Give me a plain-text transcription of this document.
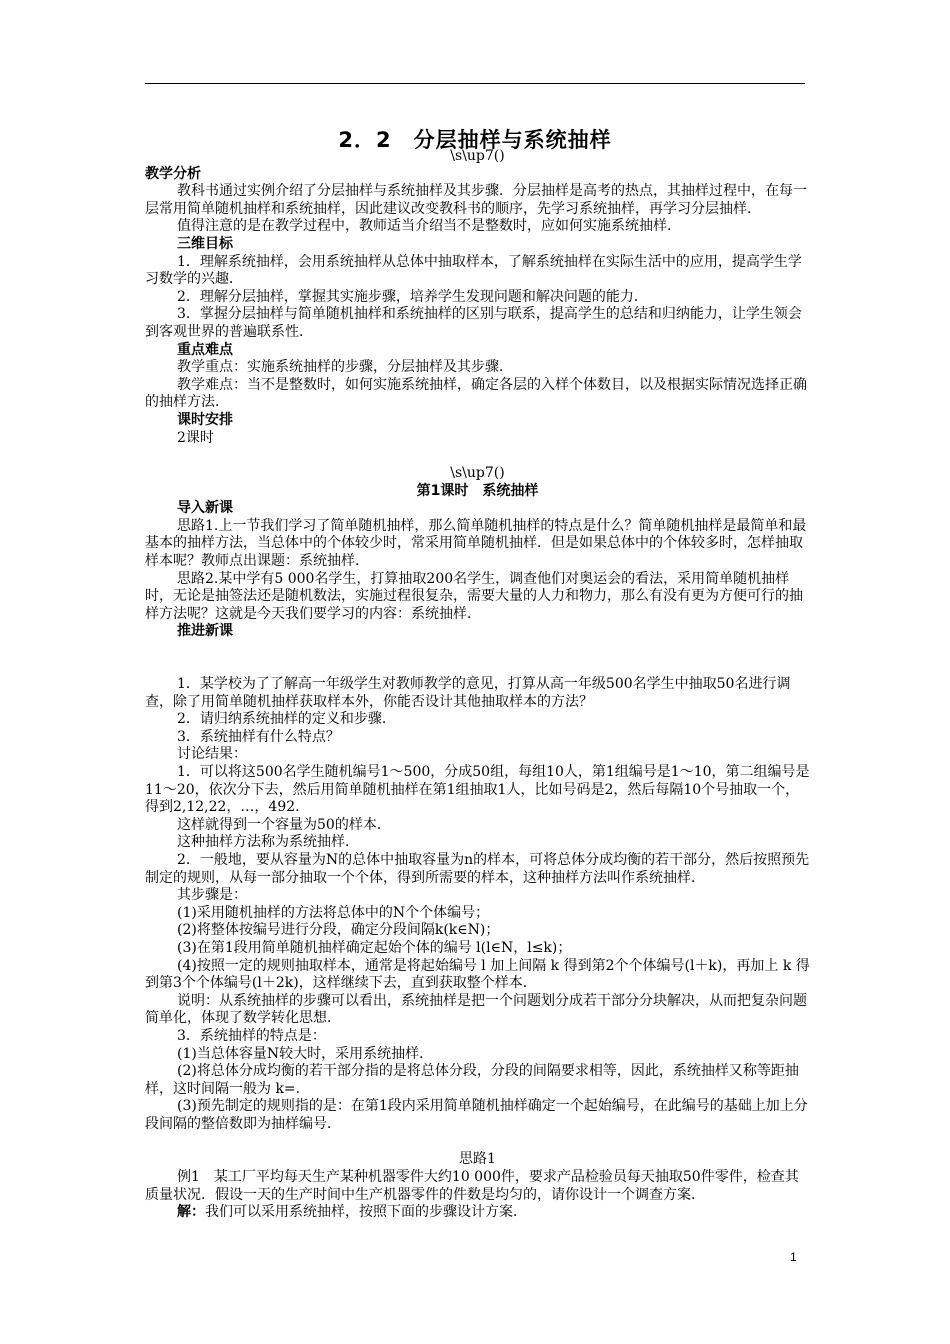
2．2　分层抽样与系统抽样

\s\up7()

教学分析

教科书通过实例介绍了分层抽样与系统抽样及其步骤．分层抽样是高考的热点，其抽样过程中，在每一层常用简单随机抽样和系统抽样，因此建议改变教科书的顺序，先学习系统抽样，再学习分层抽样．

值得注意的是在教学过程中，教师适当介绍当不是整数时，应如何实施系统抽样．

三维目标

1．理解系统抽样，会用系统抽样从总体中抽取样本，了解系统抽样在实际生活中的应用，提高学生学习数学的兴趣．

2．理解分层抽样，掌握其实施步骤，培养学生发现问题和解决问题的能力．

3．掌握分层抽样与简单随机抽样和系统抽样的区别与联系，提高学生的总结和归纳能力，让学生领会到客观世界的普遍联系性．

重点难点

教学重点：实施系统抽样的步骤，分层抽样及其步骤．

教学难点：当不是整数时，如何实施系统抽样，确定各层的入样个体数目，以及根据实际情况选择正确的抽样方法．

课时安排

2课时

\s\up7()

第1课时　系统抽样

导入新课

思路1.上一节我们学习了简单随机抽样，那么简单随机抽样的特点是什么？简单随机抽样是最简单和最基本的抽样方法，当总体中的个体较少时，常采用简单随机抽样．但是如果总体中的个体较多时，怎样抽取样本呢？教师点出课题：系统抽样．

思路2.某中学有5 000名学生，打算抽取200名学生，调查他们对奥运会的看法，采用简单随机抽样时，无论是抽签法还是随机数法，实施过程很复杂，需要大量的人力和物力，那么有没有更为方便可行的抽样方法呢？这就是今天我们要学习的内容：系统抽样．

推进新课

1．某学校为了了解高一年级学生对教师教学的意见，打算从高一年级500名学生中抽取50名进行调查，除了用简单随机抽样获取样本外，你能否设计其他抽取样本的方法？

2．请归纳系统抽样的定义和步骤．

3．系统抽样有什么特点？

讨论结果：

1．可以将这500名学生随机编号1～500，分成50组，每组10人，第1组编号是1～10，第二组编号是11～20，依次分下去，然后用简单随机抽样在第1组抽取1人，比如号码是2，然后每隔10个号抽取一个，得到2,12,22，…，492.

这样就得到一个容量为50的样本．

这种抽样方法称为系统抽样．

2．一般地，要从容量为N的总体中抽取容量为n的样本，可将总体分成均衡的若干部分，然后按照预先制定的规则，从每一部分抽取一个个体，得到所需要的样本，这种抽样方法叫作系统抽样．

其步骤是：

(1)采用随机抽样的方法将总体中的N个个体编号；

(2)将整体按编号进行分段，确定分段间隔k(k∈N)；

(3)在第1段用简单随机抽样确定起始个体的编号 l(l∈N，l≤k)；

(4)按照一定的规则抽取样本，通常是将起始编号 l 加上间隔 k 得到第2个个体编号(l＋k)，再加上 k 得到第3个个体编号(l＋2k)，这样继续下去，直到获取整个样本．

说明：从系统抽样的步骤可以看出，系统抽样是把一个问题划分成若干部分分块解决，从而把复杂问题简单化，体现了数学转化思想．

3．系统抽样的特点是：

(1)当总体容量N较大时，采用系统抽样．

(2)将总体分成均衡的若干部分指的是将总体分段，分段的间隔要求相等，因此，系统抽样又称等距抽样，这时间隔一般为 k=.

(3)预先制定的规则指的是：在第1段内采用简单随机抽样确定一个起始编号，在此编号的基础上加上分段间隔的整倍数即为抽样编号．

思路1

例1　某工厂平均每天生产某种机器零件大约10 000件，要求产品检验员每天抽取50件零件，检查其质量状况．假设一天的生产时间中生产机器零件的件数是均匀的，请你设计一个调查方案．

解：我们可以采用系统抽样，按照下面的步骤设计方案．

1
